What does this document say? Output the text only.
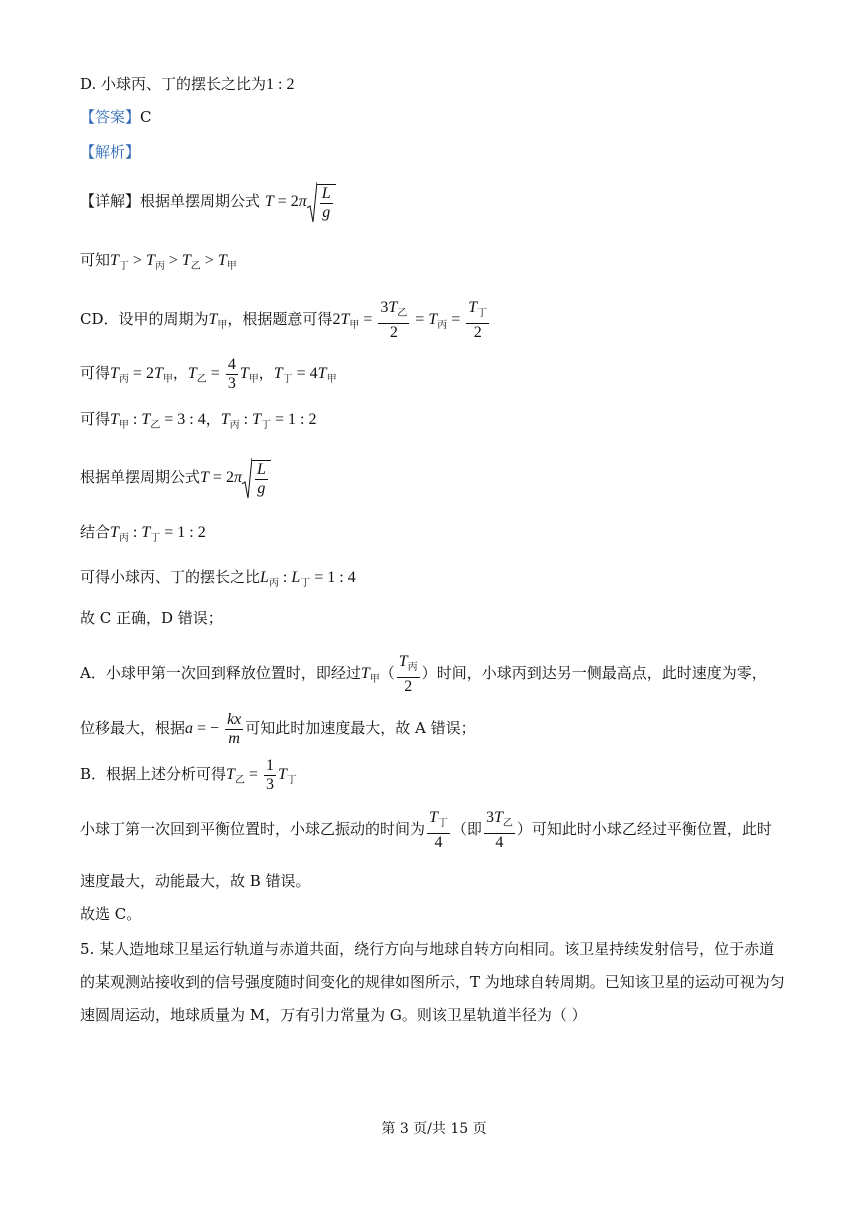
D. 小球丙、丁的摆长之比为1 : 2
【答案】C
【解析】
【详解】根据单摆周期公式 $T = 2\pi \frac{L}{g}$
可知$T_丁 > T_丙 > T_乙 > T_甲$
CD．设甲的周期为$T_甲$，根据题意可得$2T_甲 = \frac{3T_乙}{2} = T_丙 = \frac{T_丁}{2}$
可得$T_丙 = 2T_甲$，$T_乙 = \frac{4}{3} T_甲$，$T_丁 = 4T_甲$
可得$T_甲$ : $T_乙 = 3$ : 4，$T_丙$ : $T_丁 = 1$ : 2
根据单摆周期公式$T = 2\pi \frac{L}{g}$
结合$T_丙$ : $T_丁 = 1$ : 2
可得小球丙、丁的摆长之比$L_丙$ : $L_丁 = 1$ : 4
故 C 正确，D 错误；
A．小球甲第一次回到释放位置时，即经过$T_甲( \frac{T_丙}{2}$ ）时间，小球丙到达另一侧最高点，此时速度为零，
位移最大，根据a = − $\frac{kx}{m}$ 可知此时加速度最大，故 A 错误；
B．根据上述分析可得$T_乙 = \frac{1}{3} T_丁$
小球丁第一次回到平衡位置时，小球乙振动的时间为 $\frac{T_丁}{4}$ （即 $\frac{3T_乙}{4}$ ）可知此时小球乙经过平衡位置，此时
速度最大，动能最大，故 B 错误。
故选 C。
5. 某人造地球卫星运行轨道与赤道共面，绕行方向与地球自转方向相同。该卫星持续发射信号，位于赤道
的某观测站接收到的信号强度随时间变化的规律如图所示，T 为地球自转周期。已知该卫星的运动可视为匀
速圆周运动，地球质量为 M，万有引力常量为 G。则该卫星轨道半径为（ ）
第 3 页/共 15 页
